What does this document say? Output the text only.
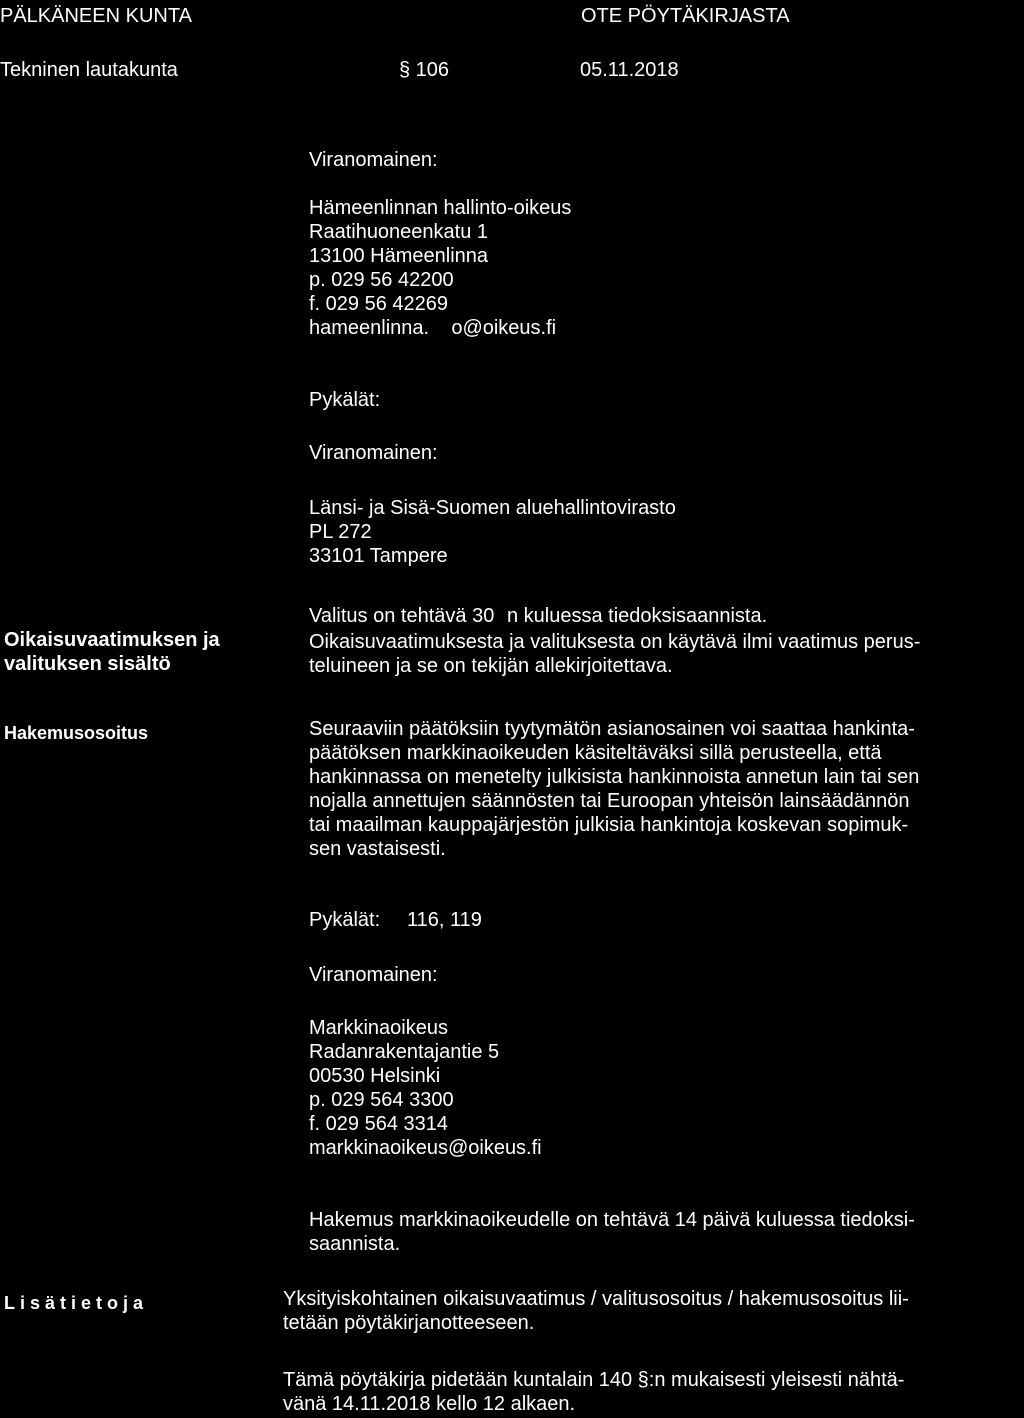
PÄLKÄNEEN KUNTA	OTE PÖYTÄKIRJASTA
Tekninen lautakunta	§ 106	05.11.2018
Viranomainen:
Hämeenlinnan hallinto-oikeus
Raatihuoneenkatu 1
13100 Hämeenlinna
p. 029 56 42200
f. 029 56 42269
hameenlinna.    o@oikeus.fi
Pykälät:
Viranomainen:
Länsi- ja Sisä-Suomen aluehallintovirasto
PL 272
33101 Tampere
Valitus on tehtävä 30 n kuluessa tiedoksisaannista.
Oikaisuvaatimuksen ja
valituksen sisältö
Oikaisuvaatimuksesta ja valituksesta on käytävä ilmi vaatimus perus-
teluineen ja se on tekijän allekirjoitettava.
Hakemusosoitus	Seuraaviin päätöksiin tyytymätön asianosainen voi saattaa hankinta-
päätöksen markkinaoikeuden käsiteltäväksi sillä perusteella, että
hankinnassa on menetelty julkisista hankinnoista annetun lain tai sen
nojalla annettujen säännösten tai Euroopan yhteisön lainsäädännön
tai maailman kauppajärjestön julkisia hankintoja koskevan sopimuk-
sen vastaisesti.
Pykälät: 116, 119
Viranomainen:
Markkinaoikeus
Radanrakentajantie 5
00530 Helsinki
p. 029 564 3300
f. 029 564 3314
markkinaoikeus@oikeus.fi
Hakemus markkinaoikeudelle on tehtävä 14 päivä kuluessa tiedoksi-
saannista.
Lisätietoja	Yksityiskohtainen oikaisuvaatimus / valitusosoitus / hakemusosoitus lii-
tetään pöytäkirjanotteeseen.
Tämä pöytäkirja pidetään kuntalain 140 §:n mukaisesti yleisesti nähtä-
vänä 14.11.2018 kello 12 alkaen.
